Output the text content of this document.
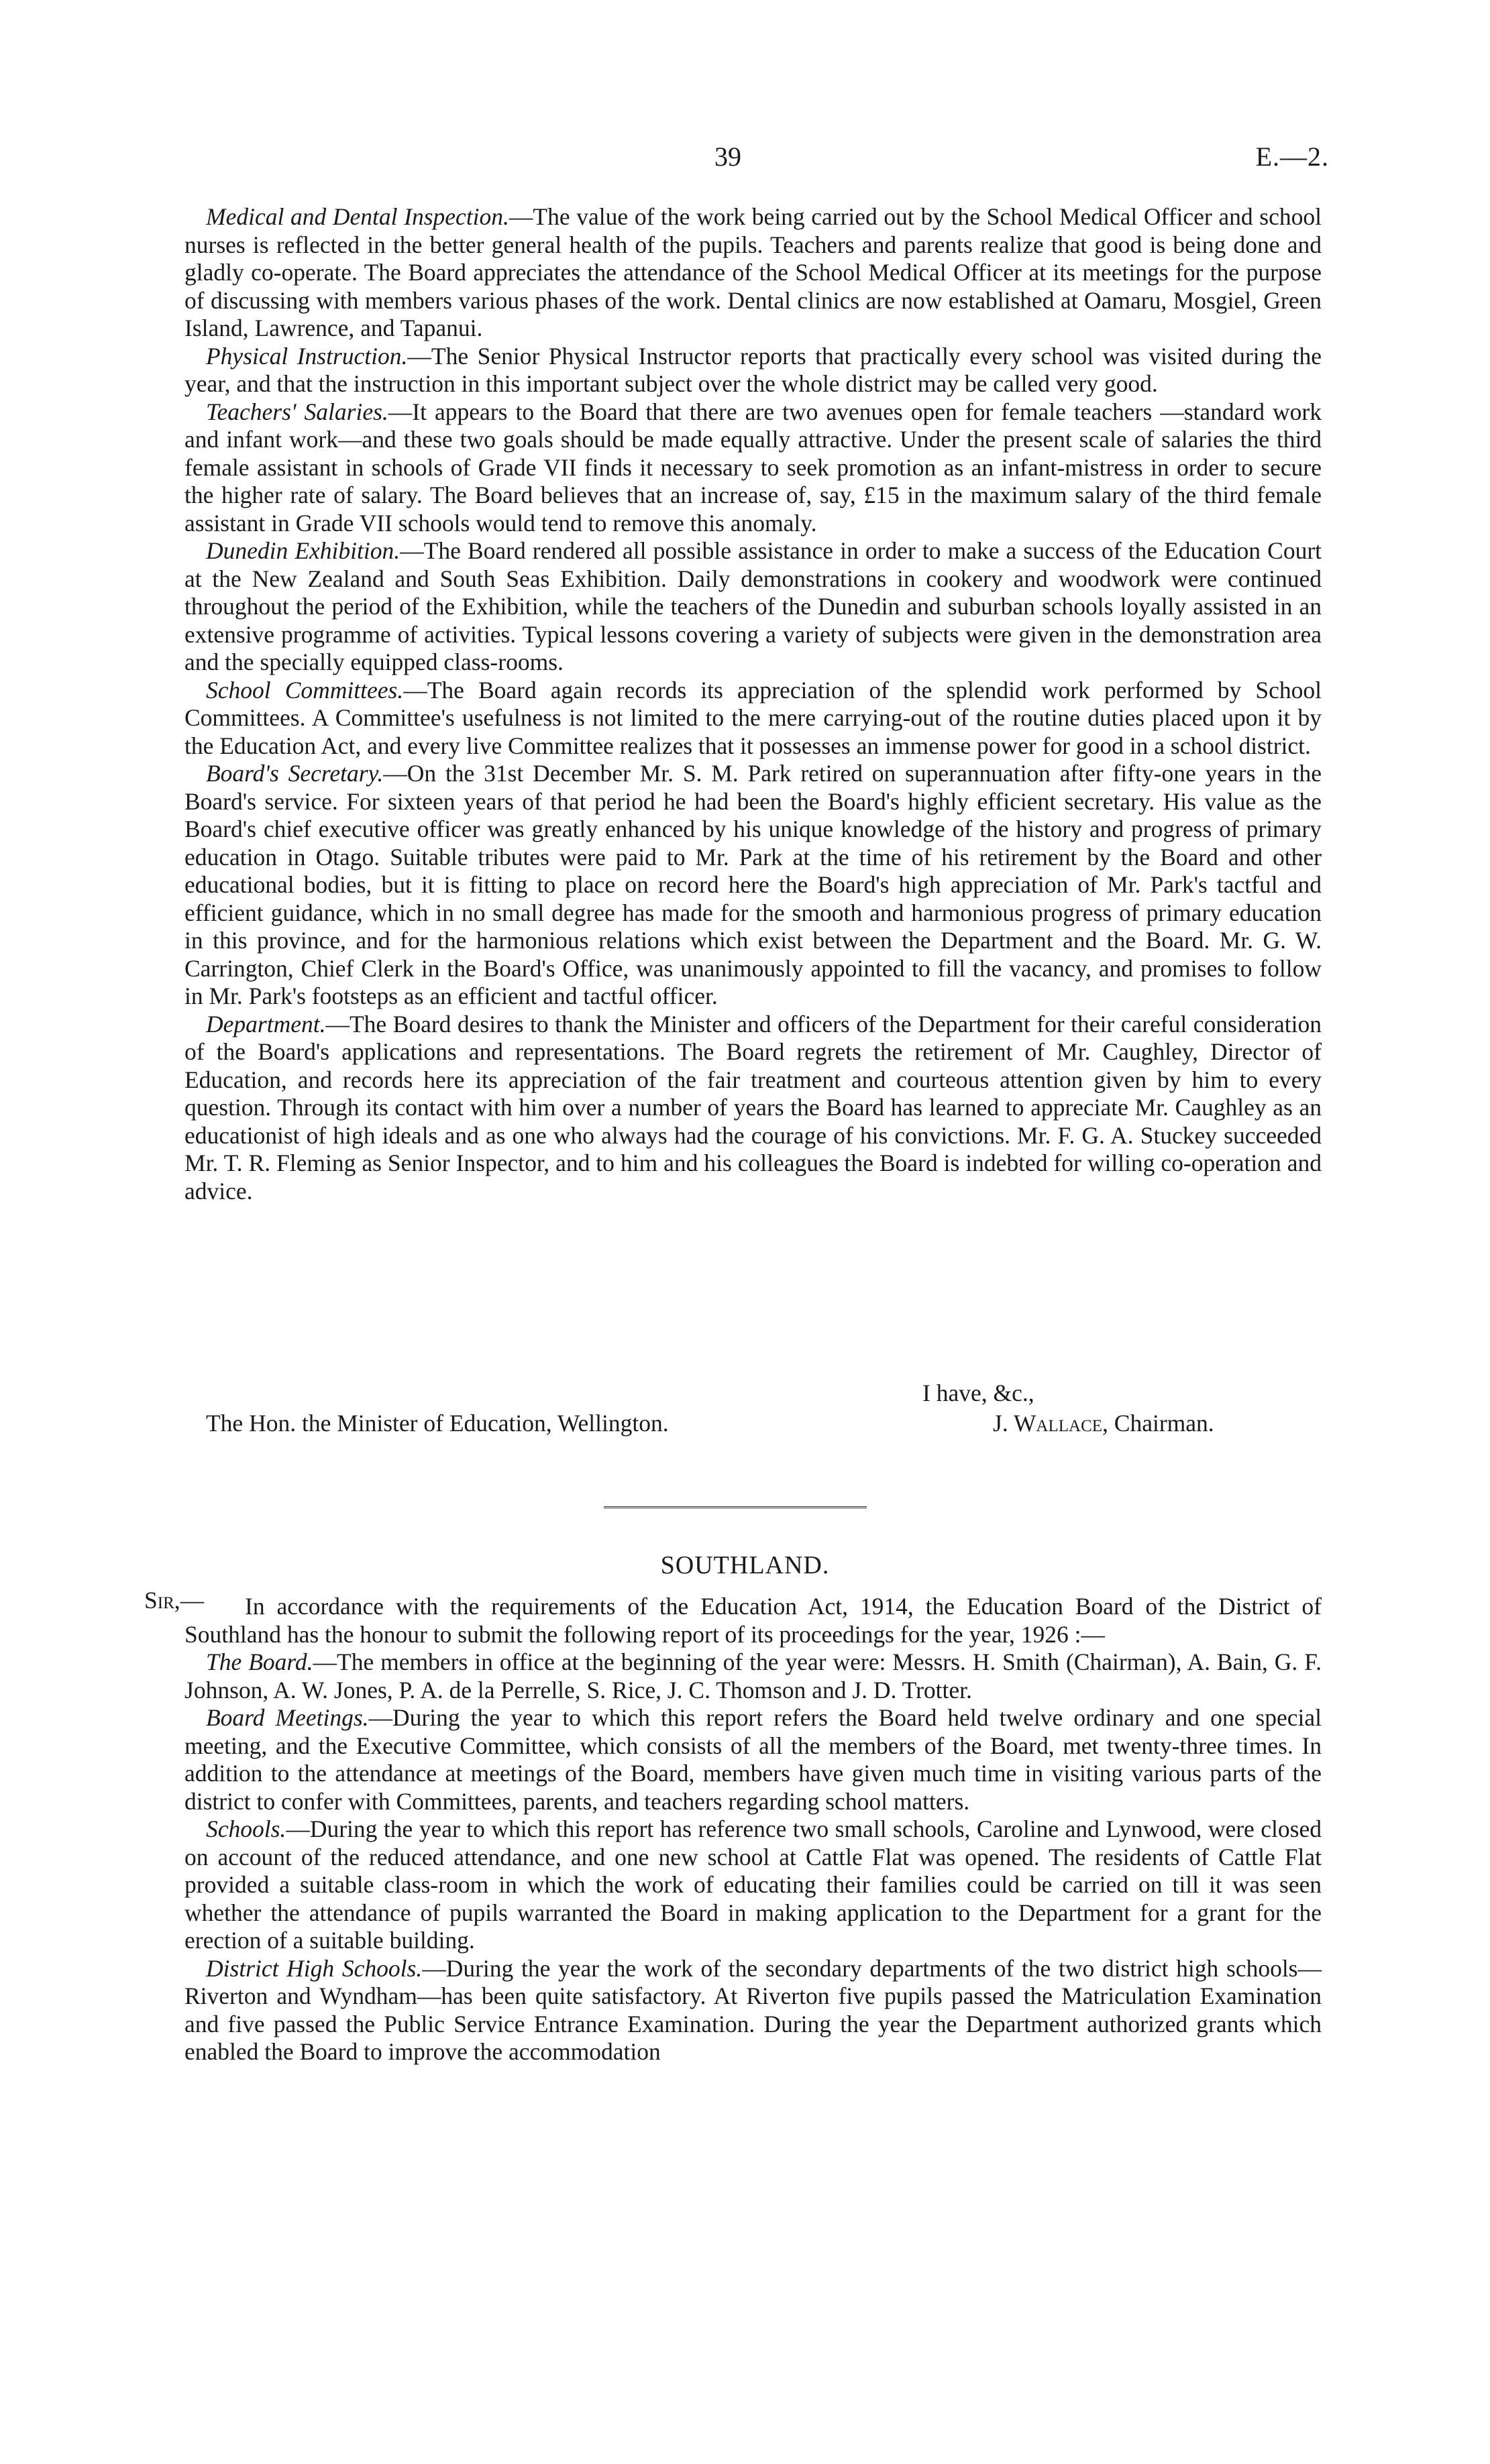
39	E.—2.

Medical and Dental Inspection.—The value of the work being carried out by the School Medical Officer and school nurses is reflected in the better general health of the pupils. Teachers and parents realize that good is being done and gladly co-operate. The Board appreciates the attendance of the School Medical Officer at its meetings for the purpose of discussing with members various phases of the work. Dental clinics are now established at Oamaru, Mosgiel, Green Island, Lawrence, and Tapanui.

Physical Instruction.—The Senior Physical Instructor reports that practically every school was visited during the year, and that the instruction in this important subject over the whole district may be called very good.

Teachers' Salaries.—It appears to the Board that there are two avenues open for female teachers —standard work and infant work—and these two goals should be made equally attractive. Under the present scale of salaries the third female assistant in schools of Grade VII finds it necessary to seek promotion as an infant-mistress in order to secure the higher rate of salary. The Board believes that an increase of, say, £15 in the maximum salary of the third female assistant in Grade VII schools would tend to remove this anomaly.

Dunedin Exhibition.—The Board rendered all possible assistance in order to make a success of the Education Court at the New Zealand and South Seas Exhibition. Daily demonstrations in cookery and woodwork were continued throughout the period of the Exhibition, while the teachers of the Dunedin and suburban schools loyally assisted in an extensive programme of activities. Typical lessons covering a variety of subjects were given in the demonstration area and the specially equipped class-rooms.

School Committees.—The Board again records its appreciation of the splendid work performed by School Committees. A Committee's usefulness is not limited to the mere carrying-out of the routine duties placed upon it by the Education Act, and every live Committee realizes that it possesses an immense power for good in a school district.

Board's Secretary.—On the 31st December Mr. S. M. Park retired on superannuation after fifty-one years in the Board's service. For sixteen years of that period he had been the Board's highly efficient secretary. His value as the Board's chief executive officer was greatly enhanced by his unique knowledge of the history and progress of primary education in Otago. Suitable tributes were paid to Mr. Park at the time of his retirement by the Board and other educational bodies, but it is fitting to place on record here the Board's high appreciation of Mr. Park's tactful and efficient guidance, which in no small degree has made for the smooth and harmonious progress of primary education in this province, and for the harmonious relations which exist between the Department and the Board. Mr. G. W. Carrington, Chief Clerk in the Board's Office, was unanimously appointed to fill the vacancy, and promises to follow in Mr. Park's footsteps as an efficient and tactful officer.

Department.—The Board desires to thank the Minister and officers of the Department for their careful consideration of the Board's applications and representations. The Board regrets the retirement of Mr. Caughley, Director of Education, and records here its appreciation of the fair treatment and courteous attention given by him to every question. Through its contact with him over a number of years the Board has learned to appreciate Mr. Caughley as an educationist of high ideals and as one who always had the courage of his convictions. Mr. F. G. A. Stuckey succeeded Mr. T. R. Fleming as Senior Inspector, and to him and his colleagues the Board is indebted for willing co-operation and advice.

I have, &c.,
The Hon. the Minister of Education, Wellington.	J. Wallace, Chairman.
SOUTHLAND.
Sir,—	In accordance with the requirements of the Education Act, 1914, the Education Board of the District of Southland has the honour to submit the following report of its proceedings for the year, 1926 :—

The Board.—The members in office at the beginning of the year were: Messrs. H. Smith (Chairman), A. Bain, G. F. Johnson, A. W. Jones, P. A. de la Perrelle, S. Rice, J. C. Thomson and J. D. Trotter.

Board Meetings.—During the year to which this report refers the Board held twelve ordinary and one special meeting, and the Executive Committee, which consists of all the members of the Board, met twenty-three times. In addition to the attendance at meetings of the Board, members have given much time in visiting various parts of the district to confer with Committees, parents, and teachers regarding school matters.

Schools.—During the year to which this report has reference two small schools, Caroline and Lynwood, were closed on account of the reduced attendance, and one new school at Cattle Flat was opened. The residents of Cattle Flat provided a suitable class-room in which the work of educating their families could be carried on till it was seen whether the attendance of pupils warranted the Board in making application to the Department for a grant for the erection of a suitable building.

District High Schools.—During the year the work of the secondary departments of the two district high schools—Riverton and Wyndham—has been quite satisfactory. At Riverton five pupils passed the Matriculation Examination and five passed the Public Service Entrance Examination. During the year the Department authorized grants which enabled the Board to improve the accommodation
